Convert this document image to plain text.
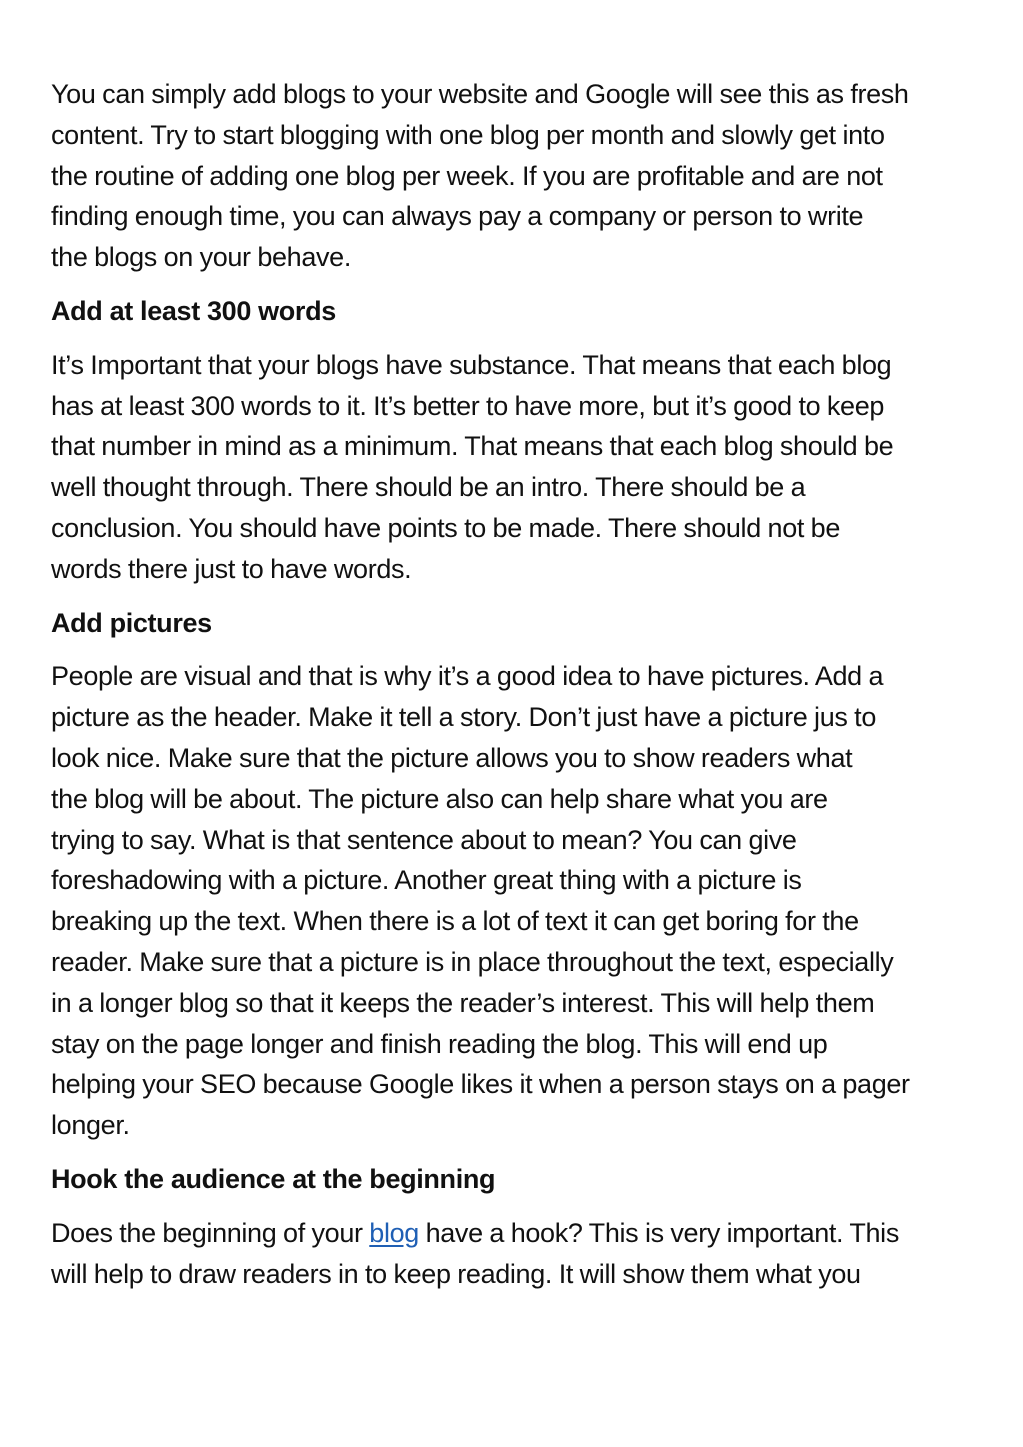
You can simply add blogs to your website and Google will see this as fresh
content. Try to start blogging with one blog per month and slowly get into
the routine of adding one blog per week. If you are profitable and are not
finding enough time, you can always pay a company or person to write
the blogs on your behave.

Add at least 300 words

It’s Important that your blogs have substance. That means that each blog
has at least 300 words to it. It’s better to have more, but it’s good to keep
that number in mind as a minimum. That means that each blog should be
well thought through. There should be an intro. There should be a
conclusion. You should have points to be made. There should not be
words there just to have words.

Add pictures

People are visual and that is why it’s a good idea to have pictures. Add a
picture as the header. Make it tell a story. Don’t just have a picture jus to
look nice. Make sure that the picture allows you to show readers what
the blog will be about. The picture also can help share what you are
trying to say. What is that sentence about to mean? You can give
foreshadowing with a picture. Another great thing with a picture is
breaking up the text. When there is a lot of text it can get boring for the
reader. Make sure that a picture is in place throughout the text, especially
in a longer blog so that it keeps the reader’s interest. This will help them
stay on the page longer and finish reading the blog. This will end up
helping your SEO because Google likes it when a person stays on a pager
longer.

Hook the audience at the beginning

Does the beginning of your blog have a hook? This is very important. This
will help to draw readers in to keep reading. It will show them what you
